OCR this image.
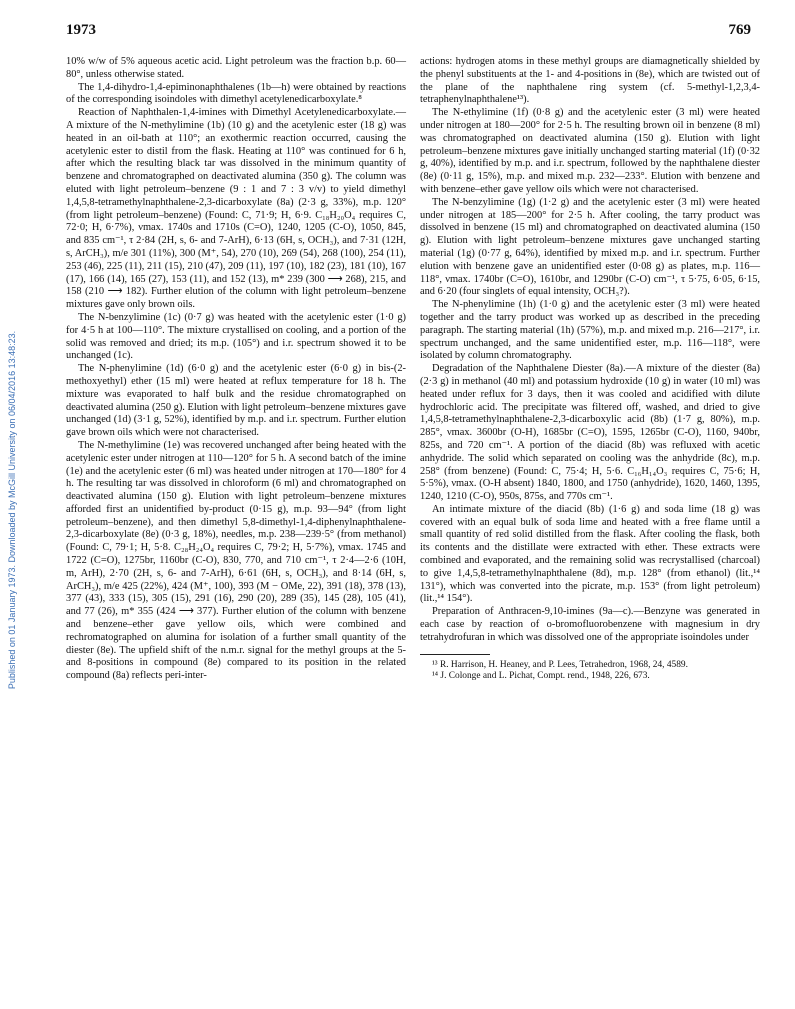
1973	769
Published on 01 January 1973. Downloaded by McGill University on 06/04/2016 13:48:23.

10% w/w of 5% aqueous acetic acid. Light petroleum was the fraction b.p. 60—80°, unless otherwise stated.

The 1,4-dihydro-1,4-epiminonaphthalenes (1b—h) were obtained by reactions of the corresponding isoindoles with dimethyl acetylenedicarboxylate.⁸

Reaction of Naphthalen-1,4-imines with Dimethyl Acetylenedicarboxylate.—A mixture of the N-methylimine (1b) (10 g) and the acetylenic ester (18 g) was heated in an oil-bath at 110°; an exothermic reaction occurred, causing the acetylenic ester to distil from the flask. Heating at 110° was continued for 6 h, after which the resulting black tar was dissolved in the minimum quantity of benzene and chromatographed on deactivated alumina (350 g). The column was eluted with light petroleum–benzene (9 : 1 and 7 : 3 v/v) to yield dimethyl 1,4,5,8-tetramethylnaphthalene-2,3-dicarboxylate (8a) (2·3 g, 33%), m.p. 120° (from light petroleum–benzene) (Found: C, 71·9; H, 6·9. C₁₈H₂₀O₄ requires C, 72·0; H, 6·7%), νmax. 1740s and 1710s (C=O), 1240, 1205 (C-O), 1050, 845, and 835 cm⁻¹, τ 2·84 (2H, s, 6- and 7-ArH), 6·13 (6H, s, OCH₃), and 7·31 (12H, s, ArCH₃), m/e 301 (11%), 300 (M⁺, 54), 270 (10), 269 (54), 268 (100), 254 (11), 253 (46), 225 (11), 211 (15), 210 (47), 209 (11), 197 (10), 182 (23), 181 (10), 167 (17), 166 (14), 165 (27), 153 (11), and 152 (13), m* 239 (300 ⟶ 268), 215, and 158 (210 ⟶ 182). Further elution of the column with light petroleum–benzene mixtures gave only brown oils.

The N-benzylimine (1c) (0·7 g) was heated with the acetylenic ester (1·0 g) for 4·5 h at 100—110°. The mixture crystallised on cooling, and a portion of the solid was removed and dried; its m.p. (105°) and i.r. spectrum showed it to be unchanged (1c).

The N-phenylimine (1d) (6·0 g) and the acetylenic ester (6·0 g) in bis-(2-methoxyethyl) ether (15 ml) were heated at reflux temperature for 18 h. The mixture was evaporated to half bulk and the residue chromatographed on deactivated alumina (250 g). Elution with light petroleum–benzene mixtures gave unchanged (1d) (3·1 g, 52%), identified by m.p. and i.r. spectrum. Further elution gave brown oils which were not characterised.

The N-methylimine (1e) was recovered unchanged after being heated with the acetylenic ester under nitrogen at 110—120° for 5 h. A second batch of the imine (1e) and the acetylenic ester (6 ml) was heated under nitrogen at 170—180° for 4 h. The resulting tar was dissolved in chloroform (6 ml) and chromatographed on deactivated alumina (150 g). Elution with light petroleum–benzene mixtures afforded first an unidentified by-product (0·15 g), m.p. 93—94° (from light petroleum–benzene), and then dimethyl 5,8-dimethyl-1,4-diphenylnaphthalene-2,3-dicarboxylate (8e) (0·3 g, 18%), needles, m.p. 238—239·5° (from methanol) (Found: C, 79·1; H, 5·8. C₂₈H₂₄O₄ requires C, 79·2; H, 5·7%), νmax. 1745 and 1722 (C=O), 1275br, 1160br (C-O), 830, 770, and 710 cm⁻¹, τ 2·4—2·6 (10H, m, ArH), 2·70 (2H, s, 6- and 7-ArH), 6·61 (6H, s, OCH₃), and 8·14 (6H, s, ArCH₃), m/e 425 (22%), 424 (M⁺, 100), 393 (M − OMe, 22), 391 (18), 378 (13), 377 (43), 333 (15), 305 (15), 291 (16), 290 (20), 289 (35), 145 (28), 105 (41), and 77 (26), m* 355 (424 ⟶ 377). Further elution of the column with benzene and benzene–ether gave yellow oils, which were combined and rechromatographed on alumina for isolation of a further small quantity of the diester (8e). The upfield shift of the n.m.r. signal for the methyl groups at the 5- and 8-positions in compound (8e) compared to its position in the related compound (8a) reflects peri-inter-

actions: hydrogen atoms in these methyl groups are diamagnetically shielded by the phenyl substituents at the 1- and 4-positions in (8e), which are twisted out of the plane of the naphthalene ring system (cf. 5-methyl-1,2,3,4-tetraphenylnaphthalene¹³).

The N-ethylimine (1f) (0·8 g) and the acetylenic ester (3 ml) were heated under nitrogen at 180—200° for 2·5 h. The resulting brown oil in benzene (8 ml) was chromatographed on deactivated alumina (150 g). Elution with light petroleum–benzene mixtures gave initially unchanged starting material (1f) (0·32 g, 40%), identified by m.p. and i.r. spectrum, followed by the naphthalene diester (8e) (0·11 g, 15%), m.p. and mixed m.p. 232—233°. Elution with benzene and with benzene–ether gave yellow oils which were not characterised.

The N-benzylimine (1g) (1·2 g) and the acetylenic ester (3 ml) were heated under nitrogen at 185—200° for 2·5 h. After cooling, the tarry product was dissolved in benzene (15 ml) and chromatographed on deactivated alumina (150 g). Elution with light petroleum–benzene mixtures gave unchanged starting material (1g) (0·77 g, 64%), identified by mixed m.p. and i.r. spectrum. Further elution with benzene gave an unidentified ester (0·08 g) as plates, m.p. 116—118°, νmax. 1740br (C=O), 1610br, and 1290br (C-O) cm⁻¹, τ 5·75, 6·05, 6·15, and 6·20 (four singlets of equal intensity, OCH₃?).

The N-phenylimine (1h) (1·0 g) and the acetylenic ester (3 ml) were heated together and the tarry product was worked up as described in the preceding paragraph. The starting material (1h) (57%), m.p. and mixed m.p. 216—217°, i.r. spectrum unchanged, and the same unidentified ester, m.p. 116—118°, were isolated by column chromatography.

Degradation of the Naphthalene Diester (8a).—A mixture of the diester (8a) (2·3 g) in methanol (40 ml) and potassium hydroxide (10 g) in water (10 ml) was heated under reflux for 3 days, then it was cooled and acidified with dilute hydrochloric acid. The precipitate was filtered off, washed, and dried to give 1,4,5,8-tetramethylnaphthalene-2,3-dicarboxylic acid (8b) (1·7 g, 80%), m.p. 285°, νmax. 3600br (O-H), 1685br (C=O), 1595, 1265br (C-O), 1160, 940br, 825s, and 720 cm⁻¹. A portion of the diacid (8b) was refluxed with acetic anhydride. The solid which separated on cooling was the anhydride (8c), m.p. 258° (from benzene) (Found: C, 75·4; H, 5·6. C₁₆H₁₄O₃ requires C, 75·6; H, 5·5%), νmax. (O-H absent) 1840, 1800, and 1750 (anhydride), 1620, 1460, 1395, 1240, 1210 (C-O), 950s, 875s, and 770s cm⁻¹.

An intimate mixture of the diacid (8b) (1·6 g) and soda lime (18 g) was covered with an equal bulk of soda lime and heated with a free flame until a small quantity of red solid distilled from the flask. After cooling the flask, both its contents and the distillate were extracted with ether. These extracts were combined and evaporated, and the remaining solid was recrystallised (charcoal) to give 1,4,5,8-tetramethylnaphthalene (8d), m.p. 128° (from ethanol) (lit.,¹⁴ 131°), which was converted into the picrate, m.p. 153° (from light petroleum) (lit.,¹⁴ 154°).

Preparation of Anthracen-9,10-imines (9a—c).—Benzyne was generated in each case by reaction of o-bromofluorobenzene with magnesium in dry tetrahydrofuran in which was dissolved one of the appropriate isoindoles under

¹³ R. Harrison, H. Heaney, and P. Lees, Tetrahedron, 1968, 24, 4589.

¹⁴ J. Colonge and L. Pichat, Compt. rend., 1948, 226, 673.
